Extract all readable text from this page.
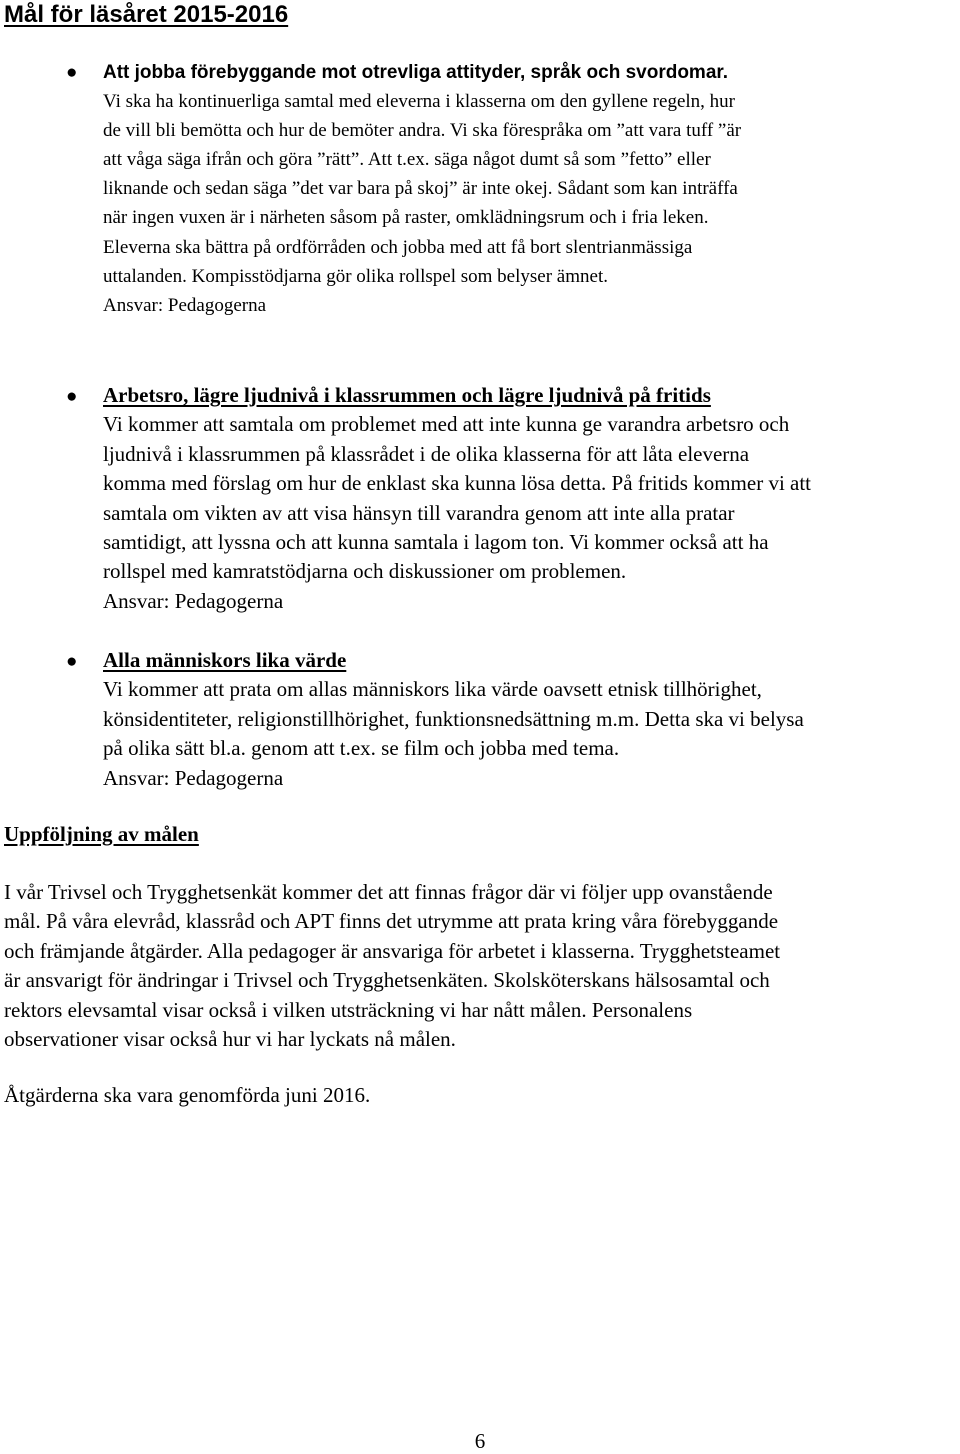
Mål för läsåret 2015-2016
● Att jobba förebyggande mot otrevliga attityder, språk och svordomar.
Vi ska ha kontinuerliga samtal med eleverna i klasserna om den gyllene regeln, hur
de vill bli bemötta och hur de bemöter andra. Vi ska förespråka om ”att vara tuff ”är
att våga säga ifrån och göra ”rätt”. Att t.ex. säga något dumt så som ”fetto” eller
liknande och sedan säga ”det var bara på skoj” är inte okej. Sådant som kan inträffa
när ingen vuxen är i närheten såsom på raster, omklädningsrum och i fria leken.
Eleverna ska bättra på ordförråden och jobba med att få bort slentrianmässiga
uttalanden. Kompisstödjarna gör olika rollspel som belyser ämnet.
Ansvar: Pedagogerna
● Arbetsro, lägre ljudnivå i klassrummen och lägre ljudnivå på fritids
Vi kommer att samtala om problemet med att inte kunna ge varandra arbetsro och
ljudnivå i klassrummen på klassrådet i de olika klasserna för att låta eleverna
komma med förslag om hur de enklast ska kunna lösa detta. På fritids kommer vi att
samtala om vikten av att visa hänsyn till varandra genom att inte alla pratar
samtidigt, att lyssna och att kunna samtala i lagom ton. Vi kommer också att ha
rollspel med kamratstödjarna och diskussioner om problemen.
Ansvar: Pedagogerna
● Alla människors lika värde
Vi kommer att prata om allas människors lika värde oavsett etnisk tillhörighet,
könsidentiteter, religionstillhörighet, funktionsnedsättning m.m. Detta ska vi belysa
på olika sätt bl.a. genom att t.ex. se film och jobba med tema.
Ansvar: Pedagogerna
Uppföljning av målen
I vår Trivsel och Trygghetsenkät kommer det att finnas frågor där vi följer upp ovanstående
mål. På våra elevråd, klassråd och APT finns det utrymme att prata kring våra förebyggande
och främjande åtgärder. Alla pedagoger är ansvariga för arbetet i klasserna. Trygghetsteamet
är ansvarigt för ändringar i Trivsel och Trygghetsenkäten. Skolsköterskans hälsosamtal och
rektors elevsamtal visar också i vilken utsträckning vi har nått målen. Personalens
observationer visar också hur vi har lyckats nå målen.
Åtgärderna ska vara genomförda juni 2016.
6
